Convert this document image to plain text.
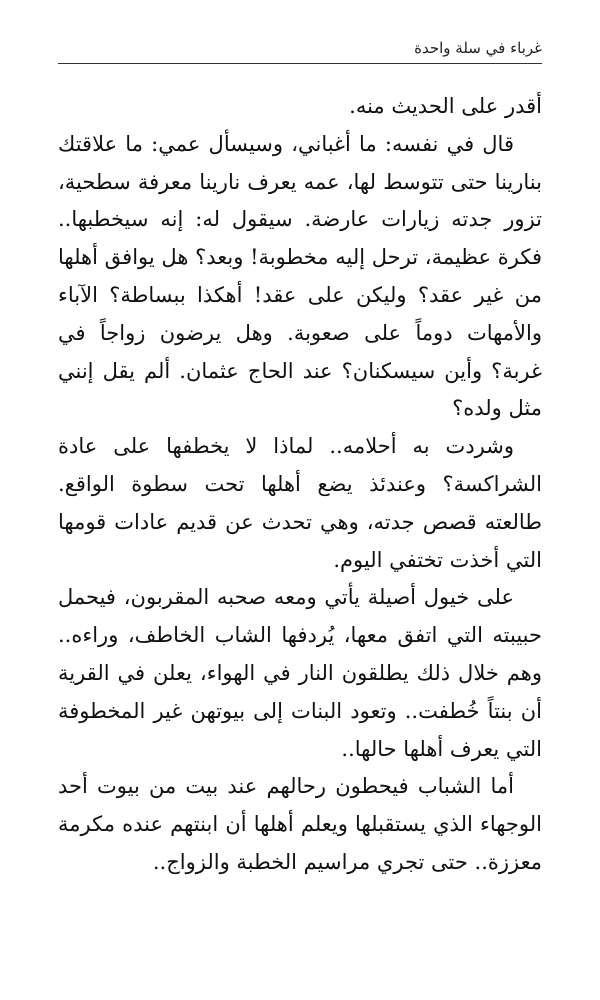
غرباء في سلة واحدة

أقدر على الحديث منه.

قال في نفسه: ما أغباني، وسيسأل عمي: ما علاقتك بنارينا حتى تتوسط لها، عمه يعرف نارينا معرفة سطحية، تزور جدته زيارات عارضة. سيقول له: إنه سيخطبها.. فكرة عظيمة، ترحل إليه مخطوبة! وبعد؟ هل يوافق أهلها من غير عقد؟ وليكن على عقد! أهكذا ببساطة؟ الآباء والأمهات دوماً على صعوبة. وهل يرضون زواجاً في غربة؟ وأين سيسكنان؟ عند الحاج عثمان. ألم يقل إنني مثل ولده؟

وشردت به أحلامه.. لماذا لا يخطفها على عادة الشراكسة؟ وعندئذ يضع أهلها تحت سطوة الواقع. طالعته قصص جدته، وهي تحدث عن قديم عادات قومها التي أخذت تختفي اليوم.

على خيول أصيلة يأتي ومعه صحبه المقربون، فيحمل حبيبته التي اتفق معها، يُردفها الشاب الخاطف، وراءه.. وهم خلال ذلك يطلقون النار في الهواء، يعلن في القرية أن بنتاً خُطفت.. وتعود البنات إلى بيوتهن غير المخطوفة التي يعرف أهلها حالها..

أما الشباب فيحطون رحالهم عند بيت من بيوت أحد الوجهاء الذي يستقبلها ويعلم أهلها أن ابنتهم عنده مكرمة معززة.. حتى تجري مراسيم الخطبة والزواج..
